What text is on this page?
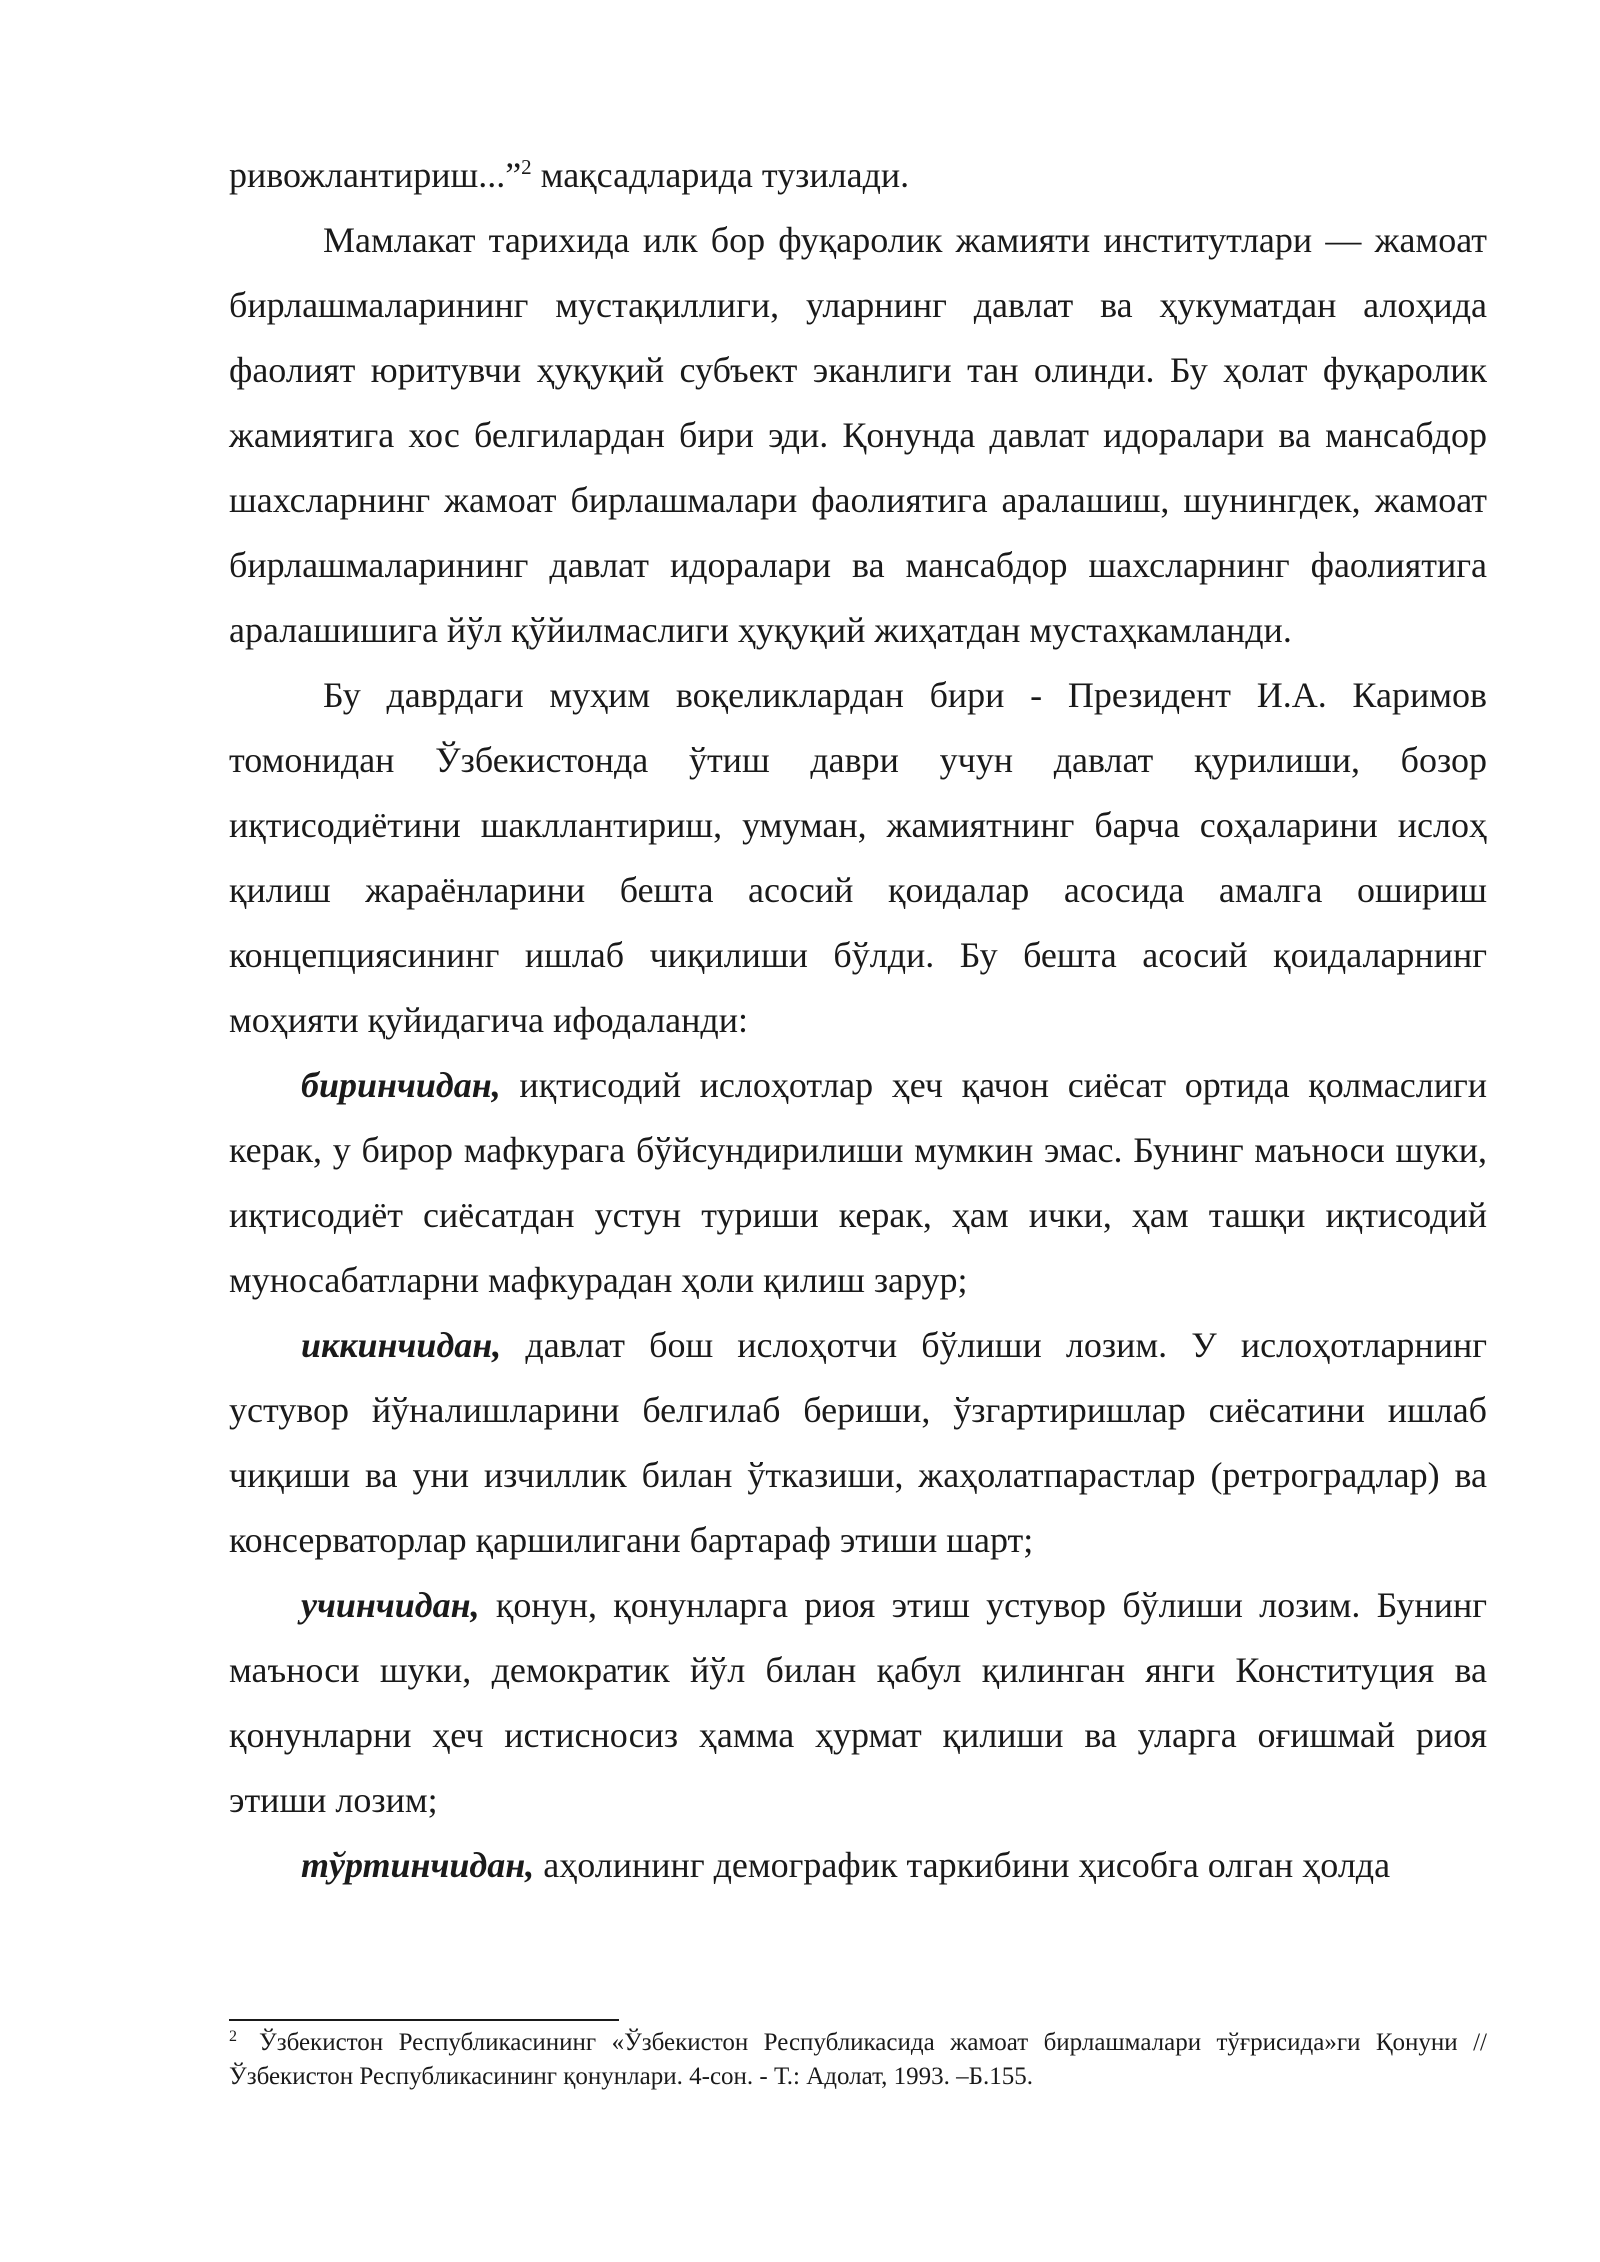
ривожлантириш...”$^2$ мақсадларида тузилади.

Мамлакат тарихида илк бор фуқаролик жамияти институтлари — жамоат бирлашмаларининг мустақиллиги, уларнинг давлат ва ҳукуматдан алоҳида фаолият юритувчи ҳуқуқий субъект эканлиги тан олинди. Бу ҳолат фуқаролик жамиятига хос белгилардан бири эди. Қонунда давлат идоралари ва мансабдор шахсларнинг жамоат бирлашмалари фаолиятига аралашиш, шунингдек, жамоат бирлашмаларининг давлат идоралари ва мансабдор шахсларнинг фаолиятига аралашишига йўл қўйилмаслиги ҳуқуқий жиҳатдан мустаҳкамланди.

Бу даврдаги муҳим воқеликлардан бири - Президент И.А. Каримов томонидан Ўзбекистонда ўтиш даври учун давлат қурилиши, бозор иқтисодиётини шакллантириш, умуман, жамиятнинг барча соҳаларини ислоҳ қилиш жараёнларини бешта асосий қоидалар асосида амалга ошириш концепциясининг ишлаб чиқилиши бўлди. Бу бешта асосий қоидаларнинг моҳияти қуйидагича ифодаланди:

биринчидан, иқтисодий ислоҳотлар ҳеч қачон сиёсат ортида қолмаслиги керак, у бирор мафкурага бўйсундирилиши мумкин эмас. Бунинг маъноси шуки, иқтисодиёт сиёсатдан устун туриши керак, ҳам ички, ҳам ташқи иқтисодий муносабатларни мафкурадан ҳоли қилиш зарур;

иккинчидан, давлат бош ислоҳотчи бўлиши лозим. У ислоҳотларнинг устувор йўналишларини белгилаб бериши, ўзгартиришлар сиёсатини ишлаб чиқиши ва уни изчиллик билан ўтказиши, жаҳолатпарастлар (ретроградлар) ва консерваторлар қаршилигани бартараф этиши шарт;

учинчидан, қонун, қонунларга риоя этиш устувор бўлиши лозим. Бунинг маъноси шуки, демократик йўл билан қабул қилинган янги Конституция ва қонунларни ҳеч истисносиз ҳамма ҳурмат қилиши ва уларга оғишмай риоя этиши лозим;

тўртинчидан, аҳолининг демографик таркибини ҳисобга олган ҳолда

$^2$ Ўзбекистон Республикасининг «Ўзбекистон Республикасида жамоат бирлашмалари тўғрисида»ги Қонуни //Ўзбекистон Республикасининг қонунлари. 4-сон. - Т.: Адолат, 1993. –Б.155.
